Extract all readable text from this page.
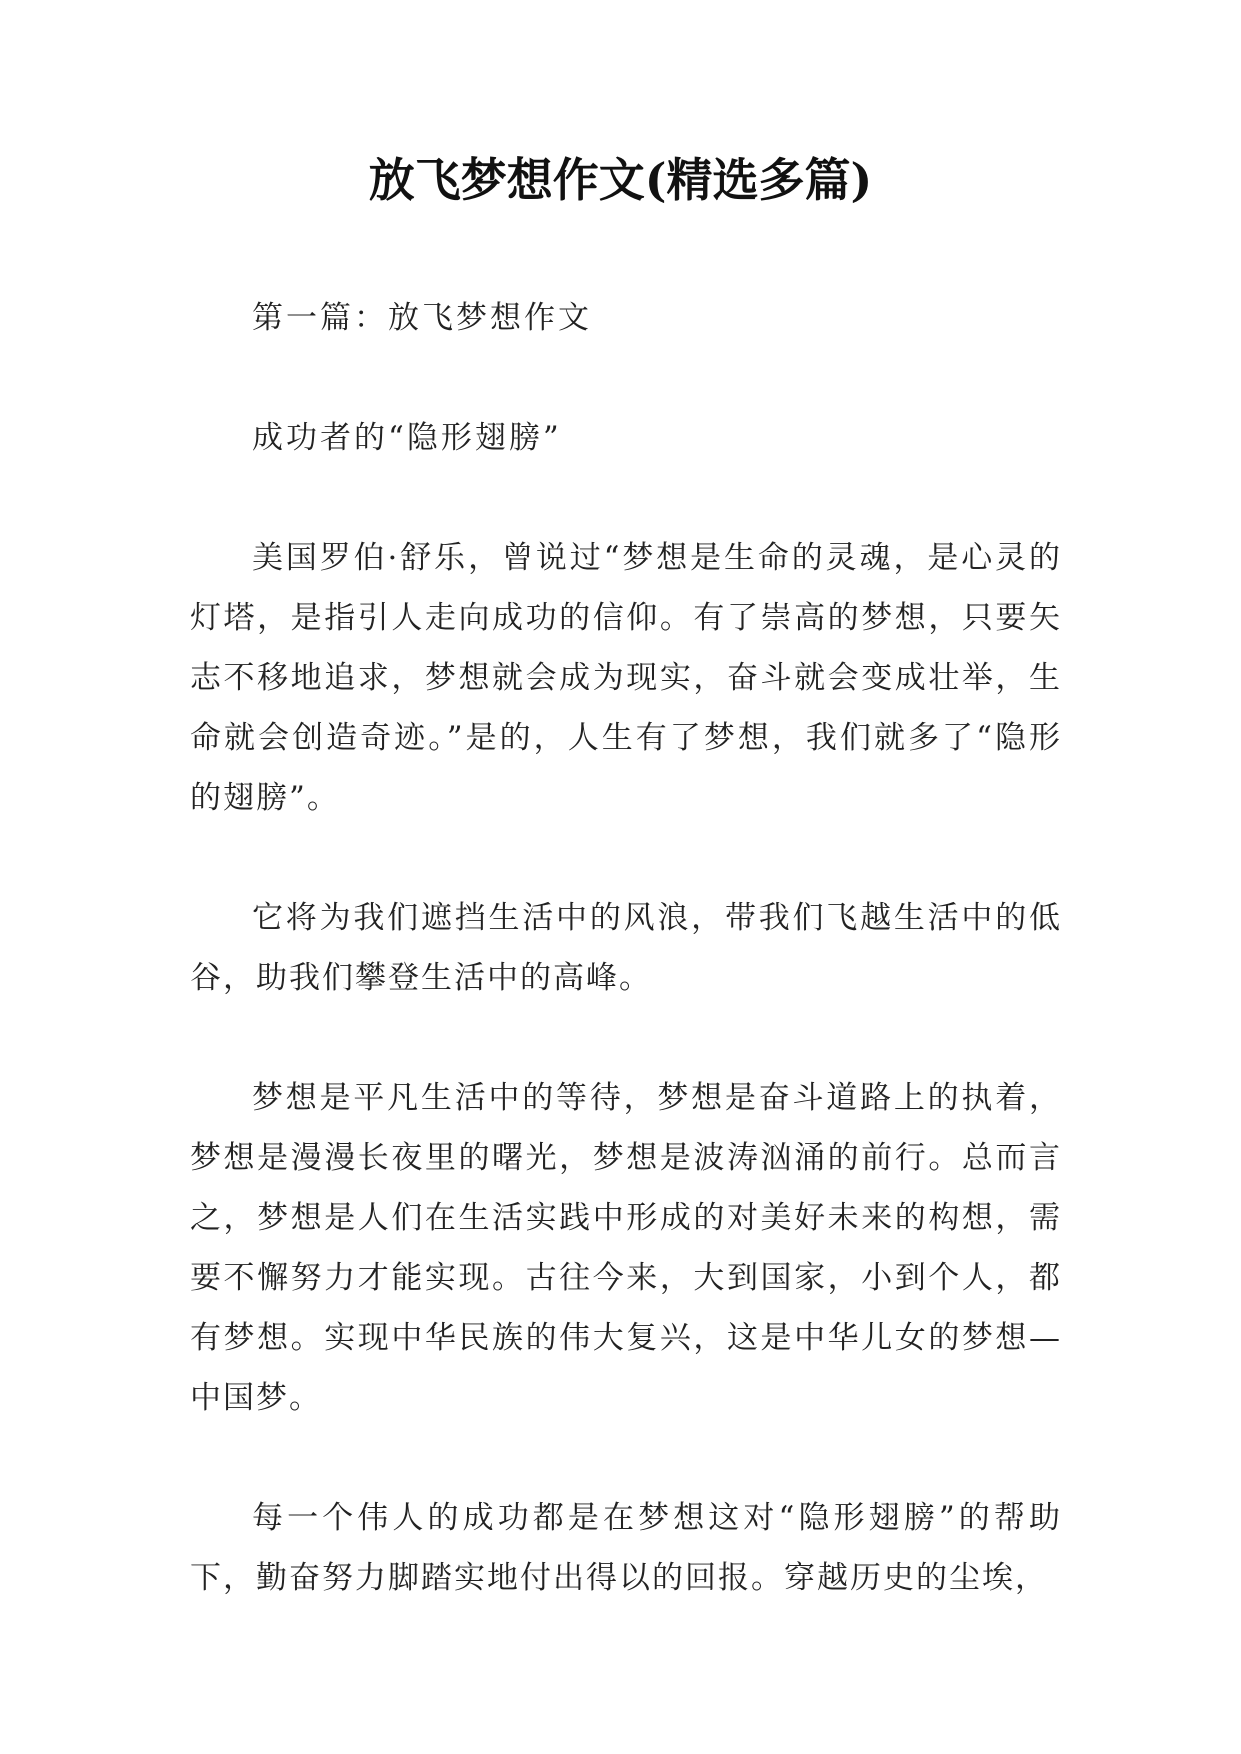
放飞梦想作文(精选多篇)

第一篇：放飞梦想作文

成功者的“隐形翅膀”

美国罗伯·舒乐，曾说过“梦想是生命的灵魂，是心灵的灯塔，是指引人走向成功的信仰。有了崇高的梦想，只要矢志不移地追求，梦想就会成为现实，奋斗就会变成壮举，生命就会创造奇迹。”是的，人生有了梦想，我们就多了“隐形的翅膀”。

它将为我们遮挡生活中的风浪，带我们飞越生活中的低谷，助我们攀登生活中的高峰。

梦想是平凡生活中的等待，梦想是奋斗道路上的执着，梦想是漫漫长夜里的曙光，梦想是波涛汹涌的前行。总而言之，梦想是人们在生活实践中形成的对美好未来的构想，需要不懈努力才能实现。古往今来，大到国家，小到个人，都有梦想。实现中华民族的伟大复兴，这是中华儿女的梦想—中国梦。

每一个伟人的成功都是在梦想这对“隐形翅膀”的帮助下，勤奋努力脚踏实地付出得以的回报。穿越历史的尘埃，
